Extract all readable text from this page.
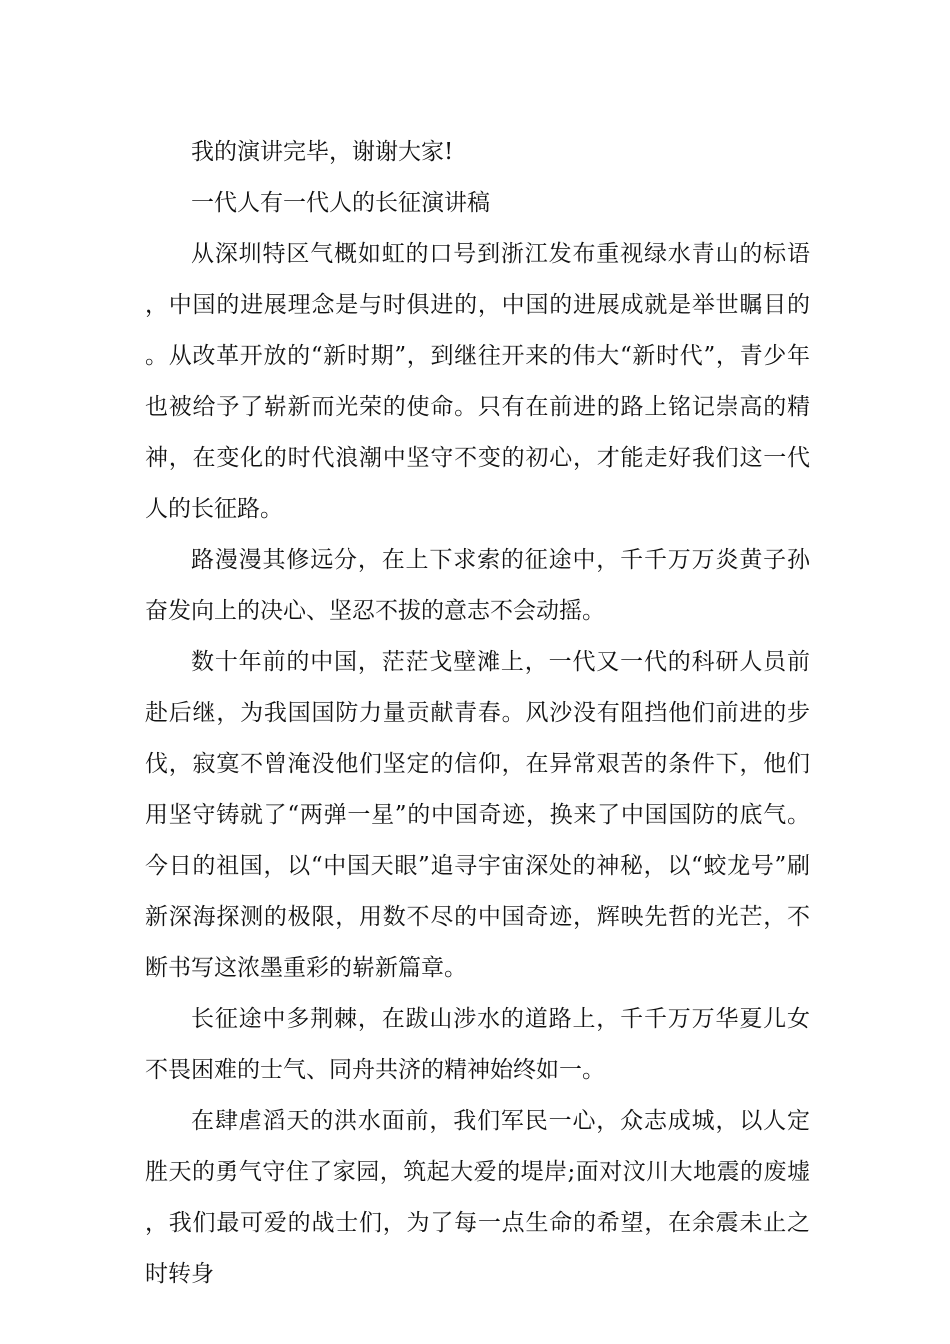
我的演讲完毕，谢谢大家!

一代人有一代人的长征演讲稿

从深圳特区气概如虹的口号到浙江发布重视绿水青山的标语，中国的进展理念是与时俱进的，中国的进展成就是举世瞩目的。从改革开放的“新时期”，到继往开来的伟大“新时代”，青少年也被给予了崭新而光荣的使命。只有在前进的路上铭记崇高的精神，在变化的时代浪潮中坚守不变的初心，才能走好我们这一代人的长征路。

路漫漫其修远分，在上下求索的征途中，千千万万炎黄子孙奋发向上的决心、坚忍不拔的意志不会动摇。

数十年前的中国，茫茫戈壁滩上，一代又一代的科研人员前赴后继，为我国国防力量贡献青春。风沙没有阻挡他们前进的步伐，寂寞不曾淹没他们坚定的信仰，在异常艰苦的条件下，他们用坚守铸就了“两弹一星”的中国奇迹，换来了中国国防的底气。今日的祖国，以“中国天眼”追寻宇宙深处的神秘，以“蛟龙号”刷新深海探测的极限，用数不尽的中国奇迹，辉映先哲的光芒，不断书写这浓墨重彩的崭新篇章。

长征途中多荆棘，在跋山涉水的道路上，千千万万华夏儿女不畏困难的士气、同舟共济的精神始终如一。

在肆虐滔天的洪水面前，我们军民一心，众志成城，以人定胜天的勇气守住了家园，筑起大爱的堤岸;面对汶川大地震的废墟，我们最可爱的战士们，为了每一点生命的希望，在余震未止之时转身
